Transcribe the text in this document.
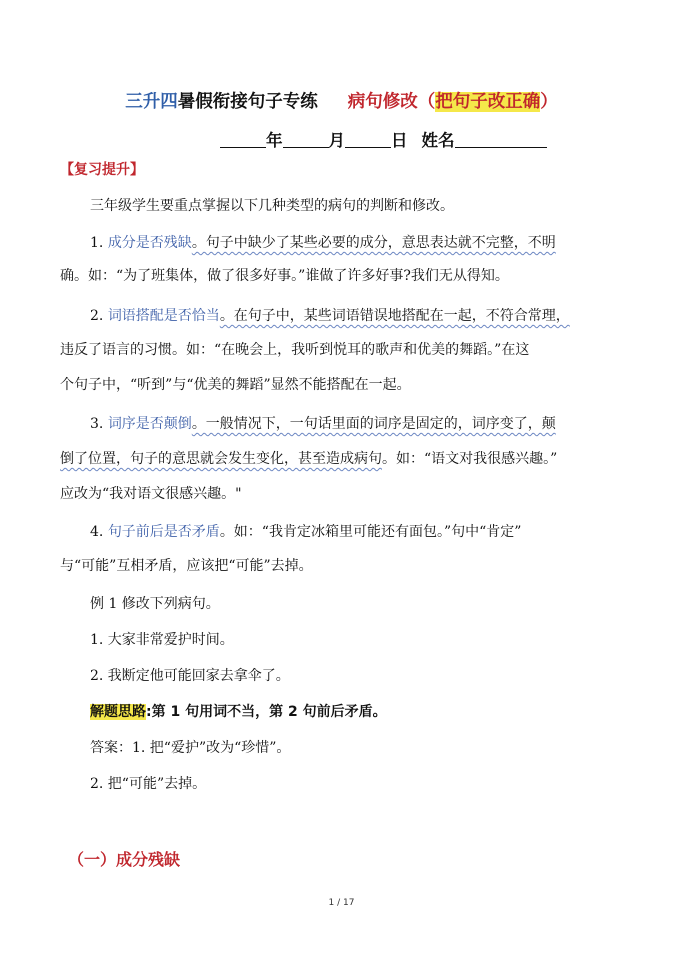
三升四暑假衔接句子专练 病句修改（把句子改正确）
年	月	日 姓名
【复习提升】
三年级学生要重点掌握以下几种类型的病句的判断和修改。
1. 成分是否残缺。句子中缺少了某些必要的成分，意思表达就不完整，不明
确。如：“为了班集体，做了很多好事。”谁做了许多好事?我们无从得知。
2. 词语搭配是否恰当。在句子中，某些词语错误地搭配在一起，不符合常理，
违反了语言的习惯。如：“在晚会上，我听到悦耳的歌声和优美的舞蹈。”在这
个句子中，“听到”与“优美的舞蹈”显然不能搭配在一起。
3. 词序是否颠倒。一般情况下，一句话里面的词序是固定的，词序变了，颠
倒了位置，句子的意思就会发生变化，甚至造成病句。如：“语文对我很感兴趣。”
应改为“我对语文很感兴趣。"
4. 句子前后是否矛盾。如：“我肯定冰箱里可能还有面包。”句中“肯定”
与“可能”互相矛盾，应该把“可能”去掉。
例 1 修改下列病句。
1. 大家非常爱护时间。
2. 我断定他可能回家去拿伞了。
解题思路:第 1 句用词不当，第 2 句前后矛盾。
答案：1. 把“爱护”改为“珍惜”。
2. 把“可能”去掉。
（一）成分残缺
1 / 17
